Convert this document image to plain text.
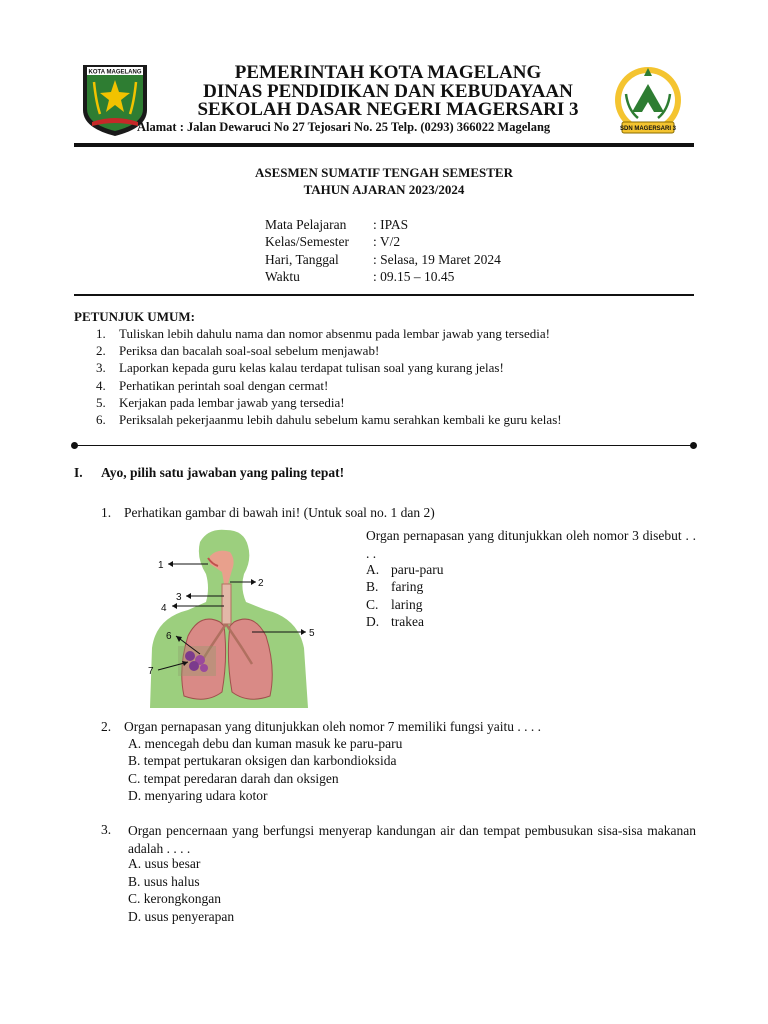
KOTA MAGELANG
SDN MAGERSARI 3
PEMERINTAH KOTA MAGELANG
DINAS PENDIDIKAN DAN KEBUDAYAAN
SEKOLAH DASAR NEGERI MAGERSARI 3
Alamat : Jalan Dewaruci No 27 Tejosari No. 25 Telp. (0293) 366022 Magelang
ASESMEN SUMATIF TENGAH SEMESTER
TAHUN AJARAN 2023/2024
Mata Pelajaran : IPAS
Kelas/Semester : V/2
Hari, Tanggal	: Selasa, 19 Maret 2024
Waktu	: 09.15 – 10.45
PETUNJUK UMUM:
1. Tuliskan lebih dahulu nama dan nomor absenmu pada lembar jawab yang tersedia!
2. Periksa dan bacalah soal-soal sebelum menjawab!
3. Laporkan kepada guru kelas kalau terdapat tulisan soal yang kurang jelas!
4. Perhatikan perintah soal dengan cermat!
5. Kerjakan pada lembar jawab yang tersedia!
6. Periksalah pekerjaanmu lebih dahulu sebelum kamu serahkan kembali ke guru kelas!
I. Ayo, pilih satu jawaban yang paling tepat!
1. Perhatikan gambar di bawah ini! (Untuk soal no. 1 dan 2)
1
2
3
4
5
6
7
Organ pernapasan yang ditunjukkan oleh nomor 3 disebut . . . .
A. paru-paru
B. faring
C. laring
D. trakea
2. Organ pernapasan yang ditunjukkan oleh nomor 7 memiliki fungsi yaitu . . . .
A. mencegah debu dan kuman masuk ke paru-paru
B. tempat pertukaran oksigen dan karbondioksida
C. tempat peredaran darah dan oksigen
D. menyaring udara kotor
3. Organ pencernaan yang berfungsi menyerap kandungan air dan tempat pembusukan sisa-sisa makanan adalah . . . .
A. usus besar
B. usus halus
C. kerongkongan
D. usus penyerapan
